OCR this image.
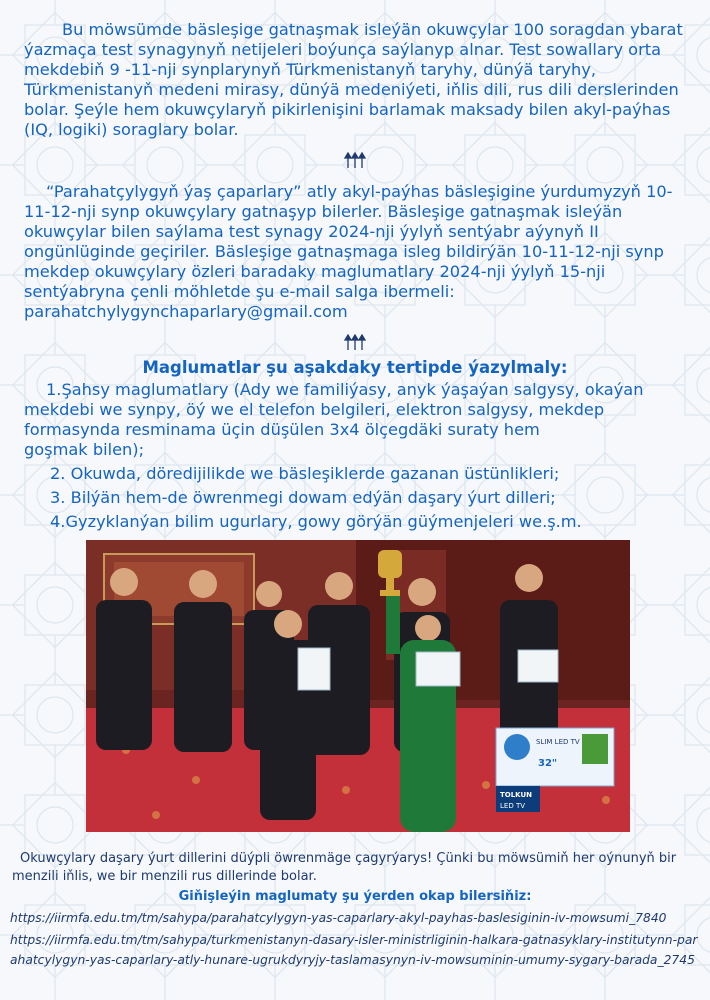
Bu möwsümde bäsleşige gatnaşmak isleýän okuwçylar 100 soragdan ybarat ýazmaça test synagynyň netijeleri boýunça saýlanyp alnar. Test sowallary orta mekdebiň 9 -11-nji synplarynyň Türkmenistanyň taryhy, dünýä taryhy, Türkmenistanyň medeni mirasy, dünýä medeniýeti, iňlis dili, rus dili derslerinden bolar. Şeýle hem okuwçylaryň pikirlenişini barlamak maksady bilen akyl-paýhas (IQ, logiki) soraglary bolar.

“Parahatçylygyň ýaş çaparlary” atly akyl-paýhas bäsleşigine ýurdumyzyň 10-11-12-nji synp okuwçylary gatnaşyp bilerler. Bäsleşige gatnaşmak isleýän okuwçylar bilen saýlama test synagy 2024-nji ýylyň sentýabr aýynyň II ongünlüginde geçiriler. Bäsleşige gatnaşmaga isleg bildirýän 10-11-12-nji synp mekdep okuwçylary özleri baradaky maglumatlary 2024-nji ýylyň 15-nji sentýabryna çenli möhletde şu e-mail salga ibermeli:
parahatchylygynchaparlary@gmail.com

Maglumatlar şu aşakdaky tertipde ýazylmaly:

1.Şahsy maglumatlary (Ady we familiýasy, anyk ýaşaýan salgysy, okaýan

mekdebi we synpy, öý we el telefon belgileri, elektron salgysy, mekdep

formasynda resminama üçin düşülen 3x4 ölçegdäki suraty hem

goşmak bilen);

2. Okuwda, döredijilikde we bäsleşiklerde gazanan üstünlikleri;

3. Bilýän hem-de öwrenmegi dowam edýän daşary ýurt dilleri;

4.Gyzyklanýan bilim ugurlary, gowy görýän güýmenjeleri we.ş.m.

SLIM LED TV
32"
TOLKUN
LED TV

Okuwçylary daşary ýurt dillerini düýpli öwrenmäge çagyrýarys! Çünki bu möwsümiň her oýnunyň bir

menzili iňlis, we bir menzili rus dillerinde bolar.

Giňişleýin maglumaty şu ýerden okap bilersiňiz:

https://iirmfa.edu.tm/tm/sahypa/parahatcylygyn-yas-caparlary-akyl-payhas-baslesiginin-iv-mowsumi_7840
https://iirmfa.edu.tm/tm/sahypa/turkmenistanyn-dasary-isler-ministrliginin-halkara-gatnasyklary-institutynn-par
ahatcylygyn-yas-caparlary-atly-hunare-ugrukdyryjy-taslamasynyn-iv-mowsuminin-umumy-sygary-barada_2745
